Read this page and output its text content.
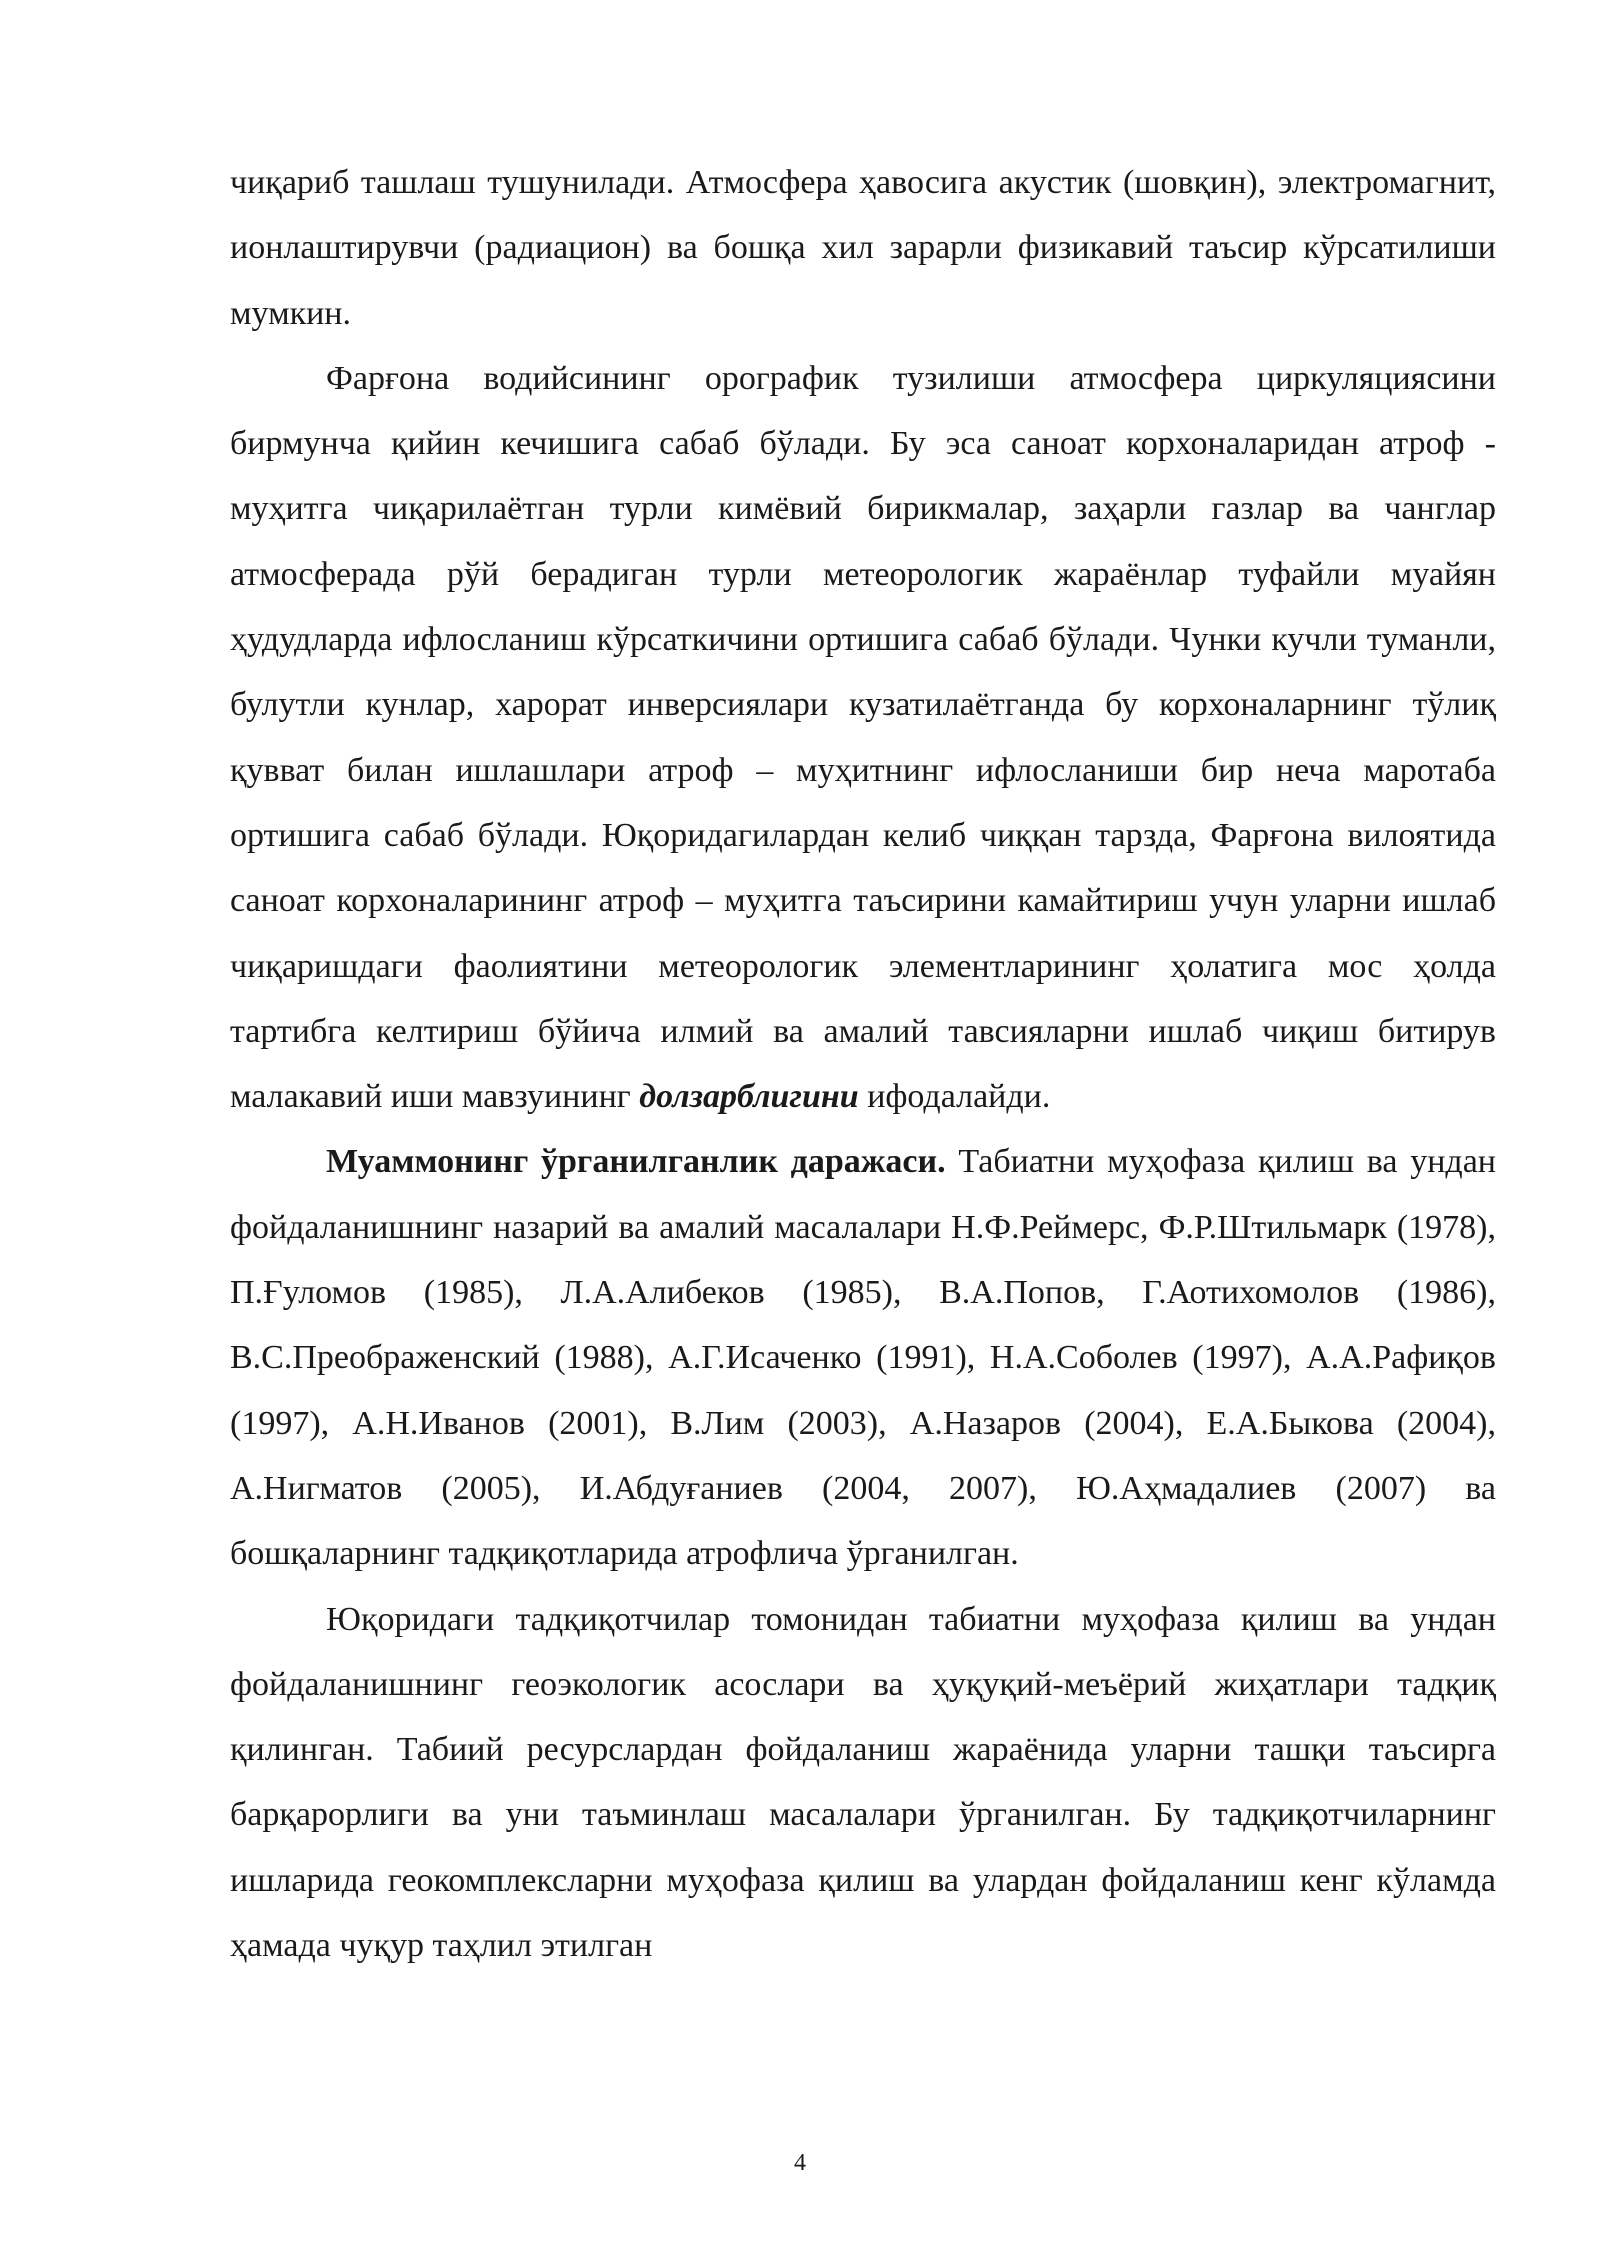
чиқариб ташлаш тушунилади. Атмосфера ҳавосига акустик (шовқин), электромагнит, ионлаштирувчи (радиацион) ва бошқа хил зарарли физикавий таъсир кўрсатилиши мумкин.

Фарғона водийсининг орографик тузилиши атмосфера циркуляциясини бирмунча қийин кечишига сабаб бўлади. Бу эса саноат корхоналаридан атроф - муҳитга чиқарилаётган турли кимёвий бирикмалар, заҳарли газлар ва чанглар атмосферада рўй берадиган турли метеорологик жараёнлар туфайли муайян ҳудудларда ифлосланиш кўрсаткичини ортишига сабаб бўлади. Чунки кучли туманли, булутли кунлар, харорат инверсиялари кузатилаётганда бу корхоналарнинг тўлиқ қувват билан ишлашлари атроф – муҳитнинг ифлосланиши бир неча маротаба ортишига сабаб бўлади. Юқоридагилардан келиб чиққан тарзда, Фарғона вилоятида саноат корхоналарининг атроф – муҳитга таъсирини камайтириш учун уларни ишлаб чиқаришдаги фаолиятини метеорологик элементларининг ҳолатига мос ҳолда тартибга келтириш бўйича илмий ва амалий тавсияларни ишлаб чиқиш битирув малакавий иши мавзуининг долзарблигини ифодалайди.

Муаммонинг ўрганилганлик даражаси. Табиатни муҳофаза қилиш ва ундан фойдаланишнинг назарий ва амалий масалалари Н.Ф.Реймерс, Ф.Р.Штильмарк (1978), П.Ғуломов (1985), Л.А.Алибеков (1985), В.А.Попов, Г.Аотихомолов (1986), В.С.Преображенский (1988), А.Г.Исаченко (1991), Н.А.Соболев (1997), А.А.Рафиқов (1997), А.Н.Иванов (2001), В.Лим (2003), А.Назаров (2004), Е.А.Быкова (2004), А.Нигматов (2005), И.Абдуғаниев (2004, 2007), Ю.Аҳмадалиев (2007) ва бошқаларнинг тадқиқотларида атрофлича ўрганилган.

Юқоридаги тадқиқотчилар томонидан табиатни муҳофаза қилиш ва ундан фойдаланишнинг геоэкологик асослари ва ҳуқуқий-меъёрий жиҳатлари тадқиқ қилинган. Табиий ресурслардан фойдаланиш жараёнида уларни ташқи таъсирга барқарорлиги ва уни таъминлаш масалалари ўрганилган. Бу тадқиқотчиларнинг ишларида геокомплексларни муҳофаза қилиш ва улардан фойдаланиш кенг кўламда ҳамада чуқур таҳлил этилган

4
